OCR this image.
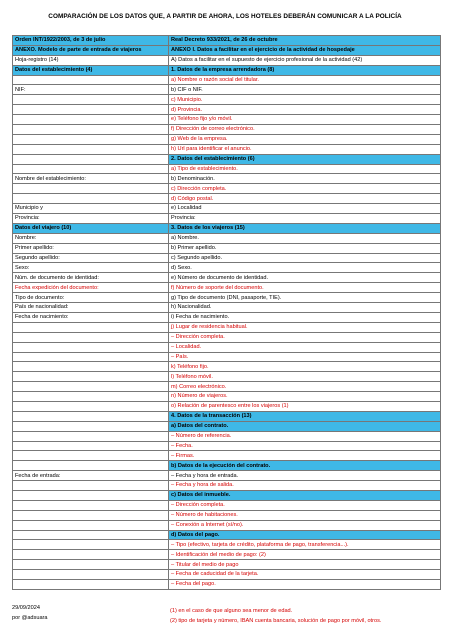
COMPARACIÓN DE LOS DATOS QUE, A PARTIR DE AHORA, LOS HOTELES DEBERÁN COMUNICAR A LA POLICÍA
Orden INT/1922/2003, de 3 de julio	Real Decreto 933/2021, de 26 de octubre
ANEXO. Modelo de parte de entrada de viajeros	ANEXO I. Datos a facilitar en el ejercicio de la actividad de hospedaje
Hoja-registro (14)	A) Datos a facilitar en el supuesto de ejercicio profesional de la actividad (42)
Datos del establecimiento (4)	1. Datos de la empresa arrendadora (8)
	a) Nombre o razón social del titular.
NIF:	b) CIF o NIF.
	c) Municipio.
	d) Provincia.
	e) Teléfono fijo y/o móvil.
	f) Dirección de correo electrónico.
	g) Web de la empresa.
	h) Url para identificar el anuncio.
	2. Datos del establecimiento (6)
	a) Tipo de establecimiento.
Nombre del establecimiento:	b) Denominación.
	c) Dirección completa.
	d) Código postal.
Municipio y	e) Localidad
Provincia:	Provincia:
Datos del viajero (10)	3. Datos de los viajeros (15)
Nombre:	a) Nombre.
Primer apellido:	b) Primer apellido.
Segundo apellido:	c) Segundo apellido.
Sexo:	d) Sexo.
Núm. de documento de identidad:	e) Número de documento de identidad.
Fecha expedición del documento:	f) Número de soporte del documento.
Tipo de documento:	g) Tipo de documento (DNI, pasaporte, TIE).
País de nacionalidad:	h) Nacionalidad.
Fecha de nacimiento:	i) Fecha de nacimiento.
	j) Lugar de residencia habitual.
	– Dirección completa.
	– Localidad.
	– País.
	k) Teléfono fijo.
	l) Teléfono móvil.
	m) Correo electrónico.
	n) Número de viajeros.
	o) Relación de parentesco entre los viajeros (1)
	4. Datos de la transacción (13)
	a) Datos del contrato.
	– Número de referencia.
	– Fecha.
	– Firmas.
	b) Datos de la ejecución del contrato.
Fecha de entrada:	– Fecha y hora de entrada.
	– Fecha y hora de salida.
	c) Datos del inmueble.
	– Dirección completa.
	– Número de habitaciones.
	– Conexión a Internet (sí/no).
	d) Datos del pago.
	– Tipo (efectivo, tarjeta de crédito, plataforma de pago, transferencia...).
	– Identificación del medio de pago: (2)
	– Titular del medio de pago
	– Fecha de caducidad de la tarjeta.
	– Fecha del pago.
29/09/2024
por @adsuara
(1) en el caso de que alguno sea menor de edad.
(2) tipo de tarjeta y número, IBAN cuenta bancaria, solución de pago por móvil, otros.
